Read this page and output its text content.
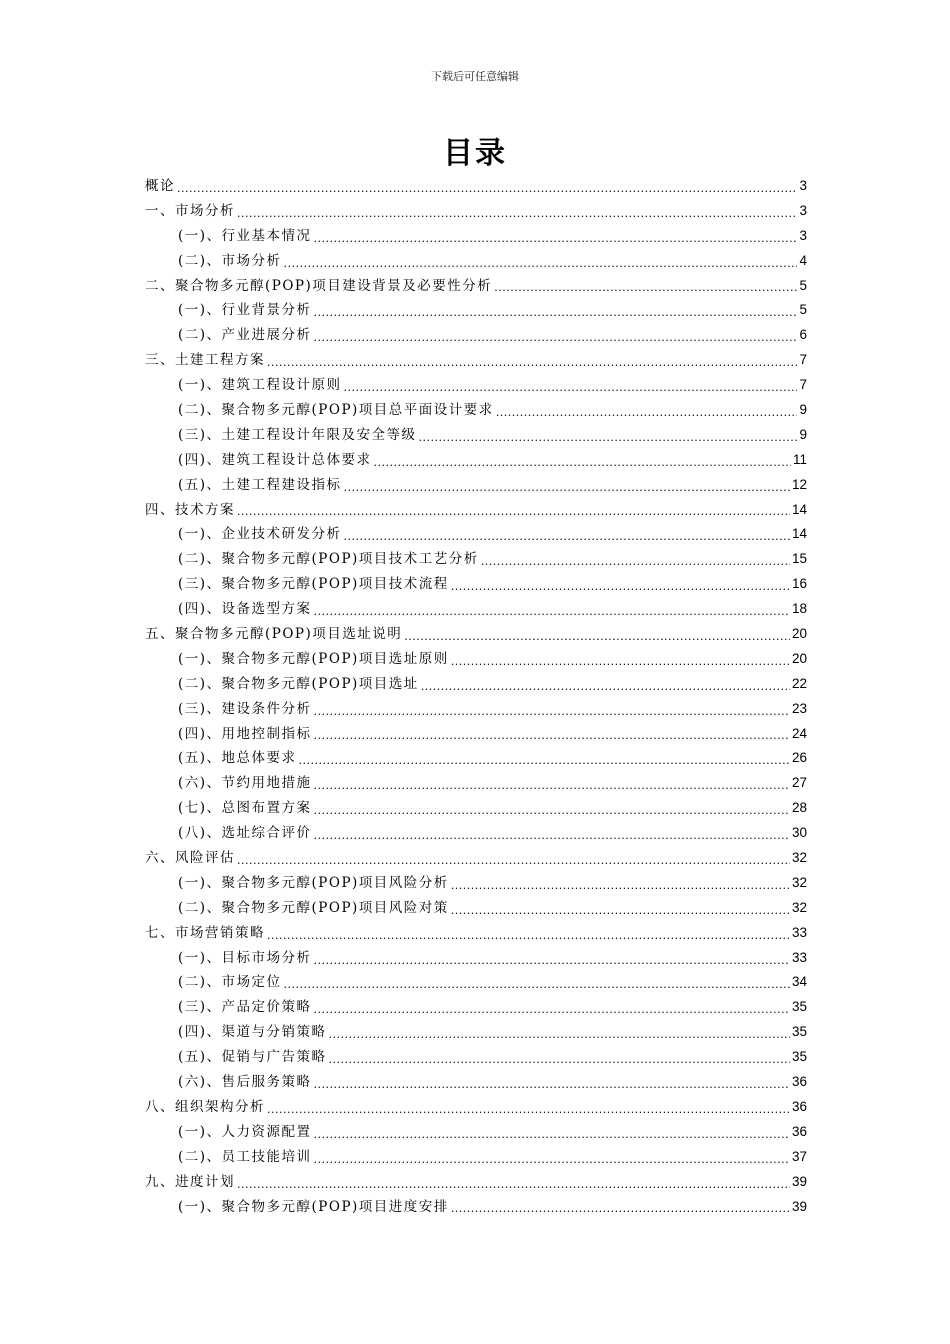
下载后可任意编辑
目录
概论 .....	3
一、市场分析 .....	3
(一)、行业基本情况 .....	3
(二)、市场分析 .....	4
二、聚合物多元醇(POP)项目建设背景及必要性分析 .....	5
(一)、行业背景分析 .....	5
(二)、产业进展分析 .....	6
三、土建工程方案 .....	7
(一)、建筑工程设计原则 .....	7
(二)、聚合物多元醇(POP)项目总平面设计要求 .....	9
(三)、土建工程设计年限及安全等级 .....	9
(四)、建筑工程设计总体要求 .....	11
(五)、土建工程建设指标 .....	12
四、技术方案 .....	14
(一)、企业技术研发分析 .....	14
(二)、聚合物多元醇(POP)项目技术工艺分析 .....	15
(三)、聚合物多元醇(POP)项目技术流程 .....	16
(四)、设备选型方案 .....	18
五、聚合物多元醇(POP)项目选址说明 .....	20
(一)、聚合物多元醇(POP)项目选址原则 .....	20
(二)、聚合物多元醇(POP)项目选址 .....	22
(三)、建设条件分析 .....	23
(四)、用地控制指标 .....	24
(五)、地总体要求 .....	26
(六)、节约用地措施 .....	27
(七)、总图布置方案 .....	28
(八)、选址综合评价 .....	30
六、风险评估 .....	32
(一)、聚合物多元醇(POP)项目风险分析 .....	32
(二)、聚合物多元醇(POP)项目风险对策 .....	32
七、市场营销策略 .....	33
(一)、目标市场分析 .....	33
(二)、市场定位 .....	34
(三)、产品定价策略 .....	35
(四)、渠道与分销策略 .....	35
(五)、促销与广告策略 .....	35
(六)、售后服务策略 .....	36
八、组织架构分析 .....	36
(一)、人力资源配置 .....	36
(二)、员工技能培训 .....	37
九、进度计划 .....	39
(一)、聚合物多元醇(POP)项目进度安排 .....	39
